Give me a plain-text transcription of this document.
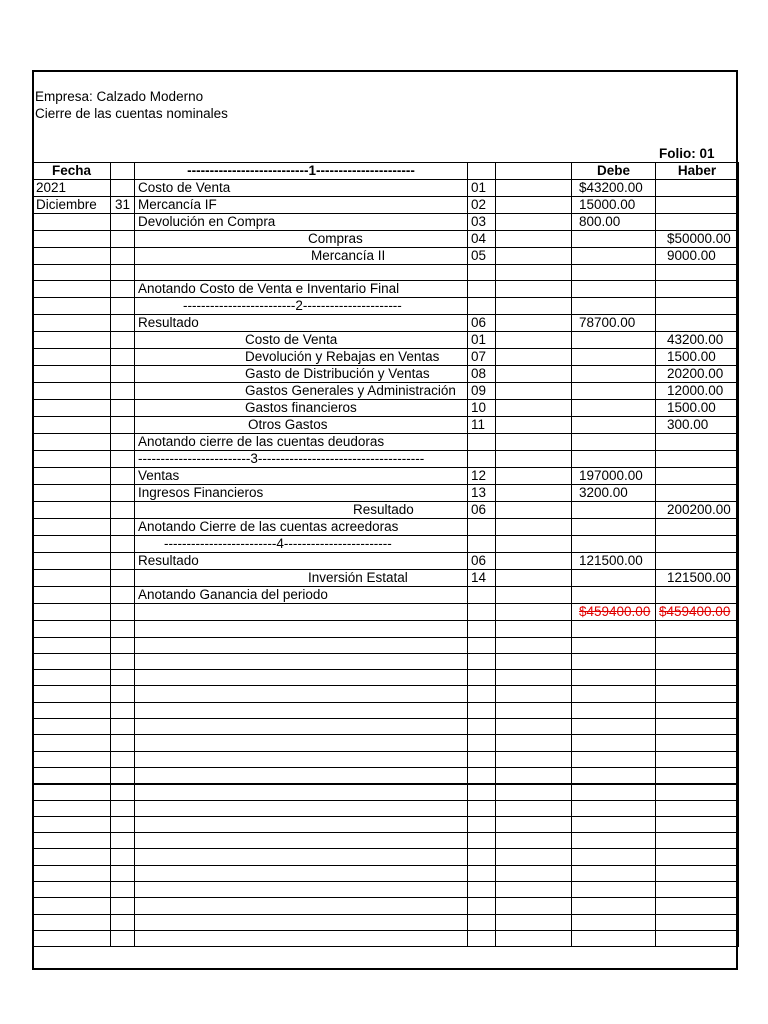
Empresa: Calzado Moderno
Cierre de las cuentas nominales
Folio: 01
Fecha		---------------------------1----------------------			Debe	Haber
2021		Costo de Venta	01		$43200.00	
Diciembre	31	Mercancía IF	02		15000.00	
		Devolución en Compra	03		800.00	
		Compras	04			$50000.00
		Mercancía II	05			9000.00

		Anotando Costo de Venta e Inventario Final				
		-------------------------2----------------------				
		Resultado	06		78700.00	
		Costo de Venta	01			43200.00
		Devolución y Rebajas en Ventas	07			1500.00
		Gasto de Distribución y Ventas	08			20200.00
		Gastos Generales y Administración	09			12000.00
		Gastos financieros	10			1500.00
		Otros Gastos	11			300.00
		Anotando cierre de las cuentas deudoras				
		-------------------------3-------------------------------------				
		Ventas	12		197000.00	
		Ingresos Financieros	13		3200.00	
		Resultado	06			200200.00
		Anotando Cierre de las cuentas acreedoras				
		-------------------------4------------------------				
		Resultado	06		121500.00	
		Inversión Estatal	14			121500.00
		Anotando Ganancia del periodo				
					$459400.00	$459400.00
